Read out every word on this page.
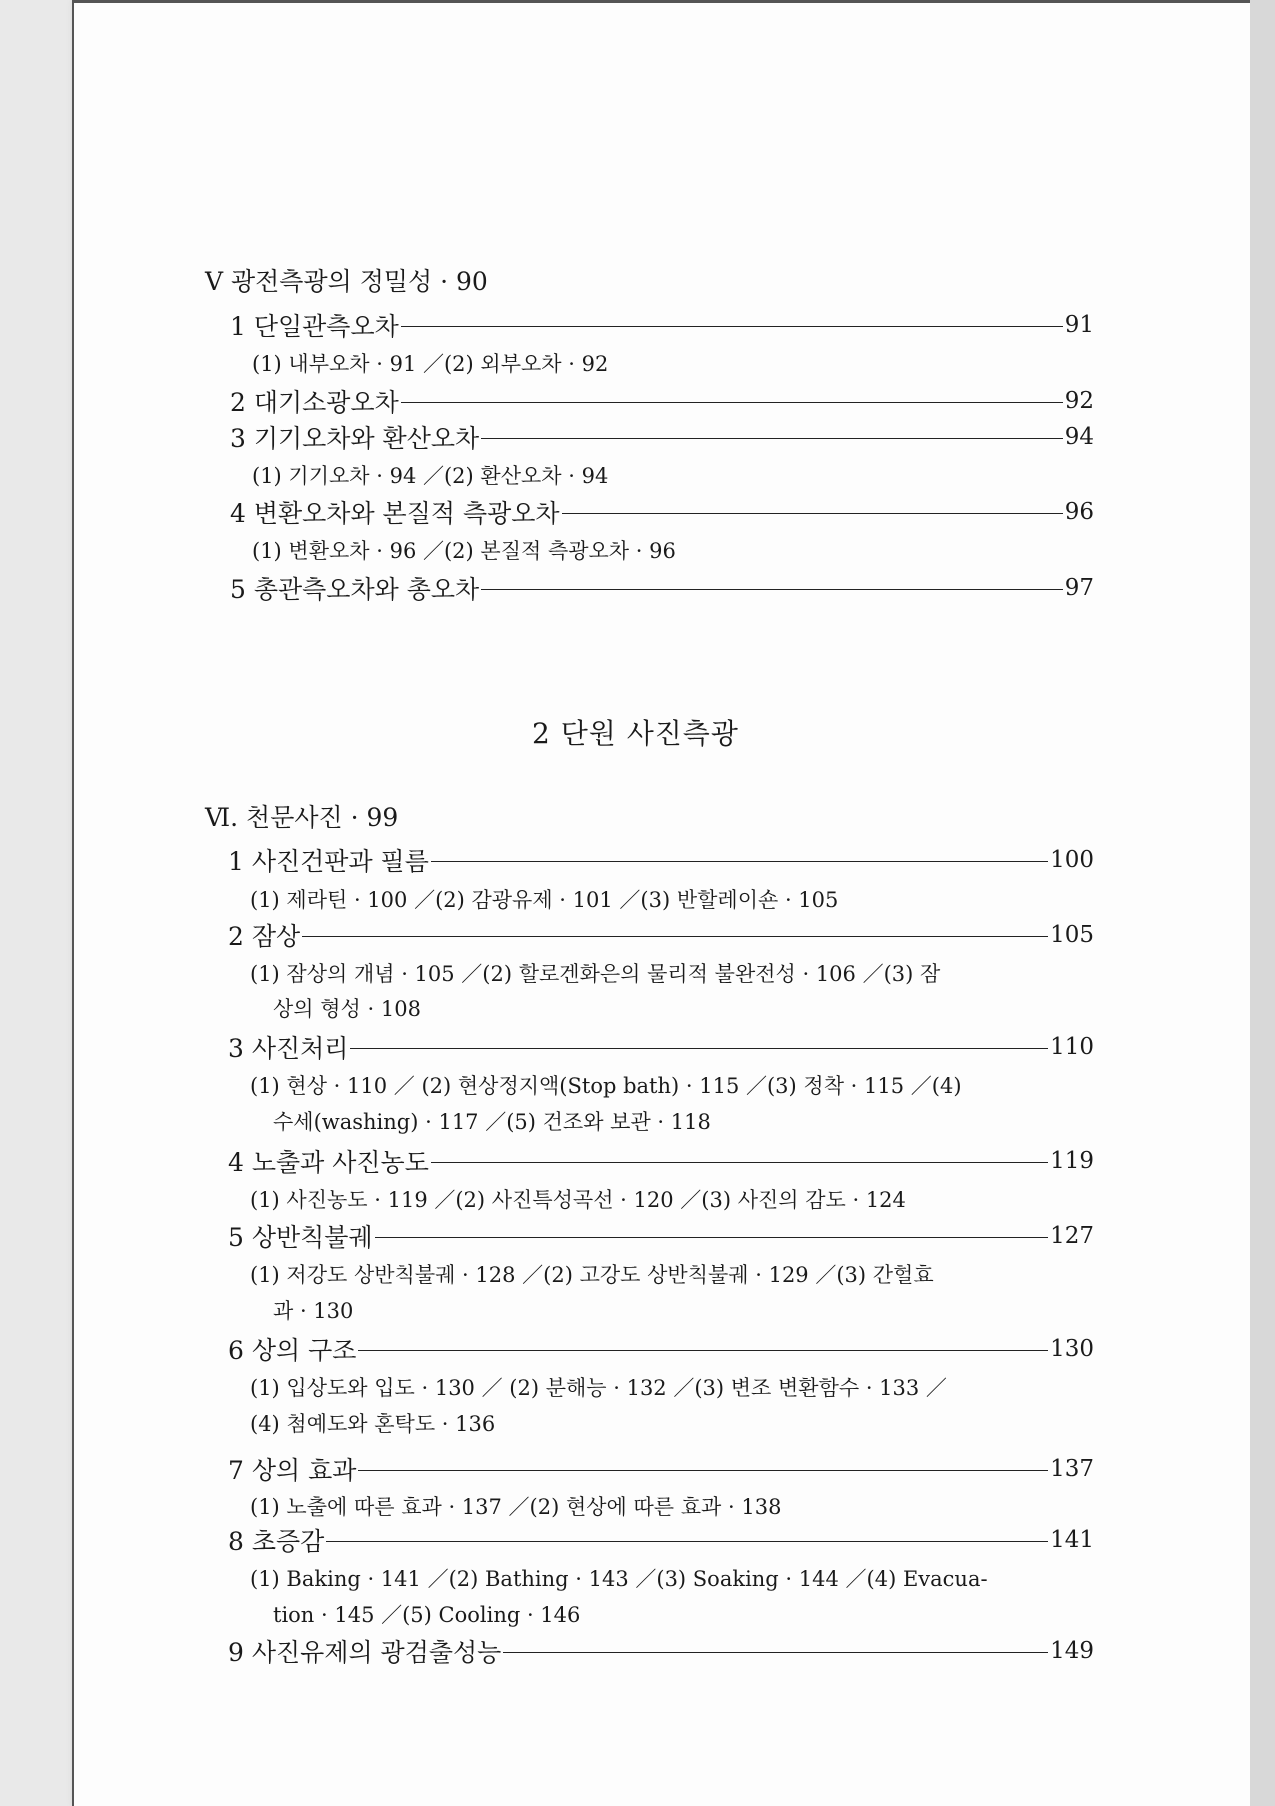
V 광전측광의 정밀성 · 90
1 단일관측오차	91
(1) 내부오차 · 91 ／(2) 외부오차 · 92
2 대기소광오차	92
3 기기오차와 환산오차	94
(1) 기기오차 · 94 ／(2) 환산오차 · 94
4 변환오차와 본질적 측광오차	96
(1) 변환오차 · 96 ／(2) 본질적 측광오차 · 96
5 총관측오차와 총오차	97
2 단원 사진측광
Ⅵ. 천문사진 · 99
1 사진건판과 필름	100
(1) 제라틴 · 100 ／(2) 감광유제 · 101 ／(3) 반할레이숀 · 105
2 잠상	105
(1) 잠상의 개념 · 105 ／(2) 할로겐화은의 물리적 불완전성 · 106 ／(3) 잠
상의 형성 · 108
3 사진처리	110
(1) 현상 · 110 ／ (2) 현상정지액(Stop bath) · 115 ／(3) 정착 · 115 ／(4)
수세(washing) · 117 ／(5) 건조와 보관 · 118
4 노출과 사진농도	119
(1) 사진농도 · 119 ／(2) 사진특성곡선 · 120 ／(3) 사진의 감도 · 124
5 상반칙불궤	127
(1) 저강도 상반칙불궤 · 128 ／(2) 고강도 상반칙불궤 · 129 ／(3) 간헐효
과 · 130
6 상의 구조	130
(1) 입상도와 입도 · 130 ／ (2) 분해능 · 132 ／(3) 변조 변환함수 · 133 ／
(4) 첨예도와 혼탁도 · 136
7 상의 효과	137
(1) 노출에 따른 효과 · 137 ／(2) 현상에 따른 효과 · 138
8 초증감	141
(1) Baking · 141 ／(2) Bathing · 143 ／(3) Soaking · 144 ／(4) Evacua-
tion · 145 ／(5) Cooling · 146
9 사진유제의 광검출성능	149
